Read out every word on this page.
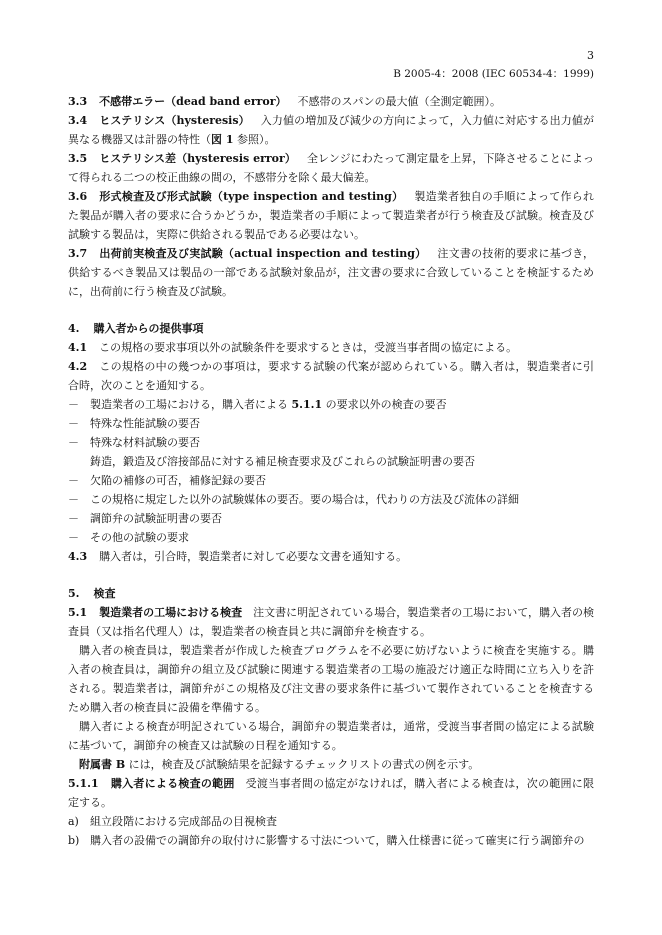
3
B 2005-4：2008 (IEC 60534-4：1999)

3.3 不感帯エラー（dead band error） 不感帯のスパンの最大値（全測定範囲）。

3.4 ヒステリシス（hysteresis） 入力値の増加及び減少の方向によって，入力値に対応する出力値が異なる機器又は計器の特性（図 1 参照）。

3.5 ヒステリシス差（hysteresis error） 全レンジにわたって測定量を上昇，下降させることによって得られる二つの校正曲線の間の，不感帯分を除く最大偏差。

3.6 形式検査及び形式試験（type inspection and testing） 製造業者独自の手順によって作られた製品が購入者の要求に合うかどうか，製造業者の手順によって製造業者が行う検査及び試験。検査及び試験する製品は，実際に供給される製品である必要はない。

3.7 出荷前実検査及び実試験（actual inspection and testing） 注文書の技術的要求に基づき，供給するべき製品又は製品の一部である試験対象品が，注文書の要求に合致していることを検証するために，出荷前に行う検査及び試験。

4. 購入者からの提供事項

4.1 この規格の要求事項以外の試験条件を要求するときは，受渡当事者間の協定による。

4.2 この規格の中の幾つかの事項は，要求する試験の代案が認められている。購入者は，製造業者に引合時，次のことを通知する。

－ 製造業者の工場における，購入者による 5.1.1 の要求以外の検査の要否
－ 特殊な性能試験の要否
－ 特殊な材料試験の要否
鋳造，鍛造及び溶接部品に対する補足検査要求及びこれらの試験証明書の要否
－ 欠陥の補修の可否，補修記録の要否
－ この規格に規定した以外の試験媒体の要否。要の場合は，代わりの方法及び流体の詳細
－ 調節弁の試験証明書の要否
－ その他の試験の要求

4.3 購入者は，引合時，製造業者に対して必要な文書を通知する。

5. 検査

5.1 製造業者の工場における検査 注文書に明記されている場合，製造業者の工場において，購入者の検査員（又は指名代理人）は，製造業者の検査員と共に調節弁を検査する。

購入者の検査員は，製造業者が作成した検査プログラムを不必要に妨げないように検査を実施する。購入者の検査員は，調節弁の組立及び試験に関連する製造業者の工場の施設だけ適正な時間に立ち入りを許される。製造業者は，調節弁がこの規格及び注文書の要求条件に基づいて製作されていることを検査するため購入者の検査員に設備を準備する。

購入者による検査が明記されている場合，調節弁の製造業者は，通常，受渡当事者間の協定による試験に基づいて，調節弁の検査又は試験の日程を通知する。

附属書 B には，検査及び試験結果を記録するチェックリストの書式の例を示す。

5.1.1 購入者による検査の範囲 受渡当事者間の協定がなければ，購入者による検査は，次の範囲に限定する。

a) 組立段階における完成部品の目視検査
b) 購入者の設備での調節弁の取付けに影響する寸法について，購入仕様書に従って確実に行う調節弁の
